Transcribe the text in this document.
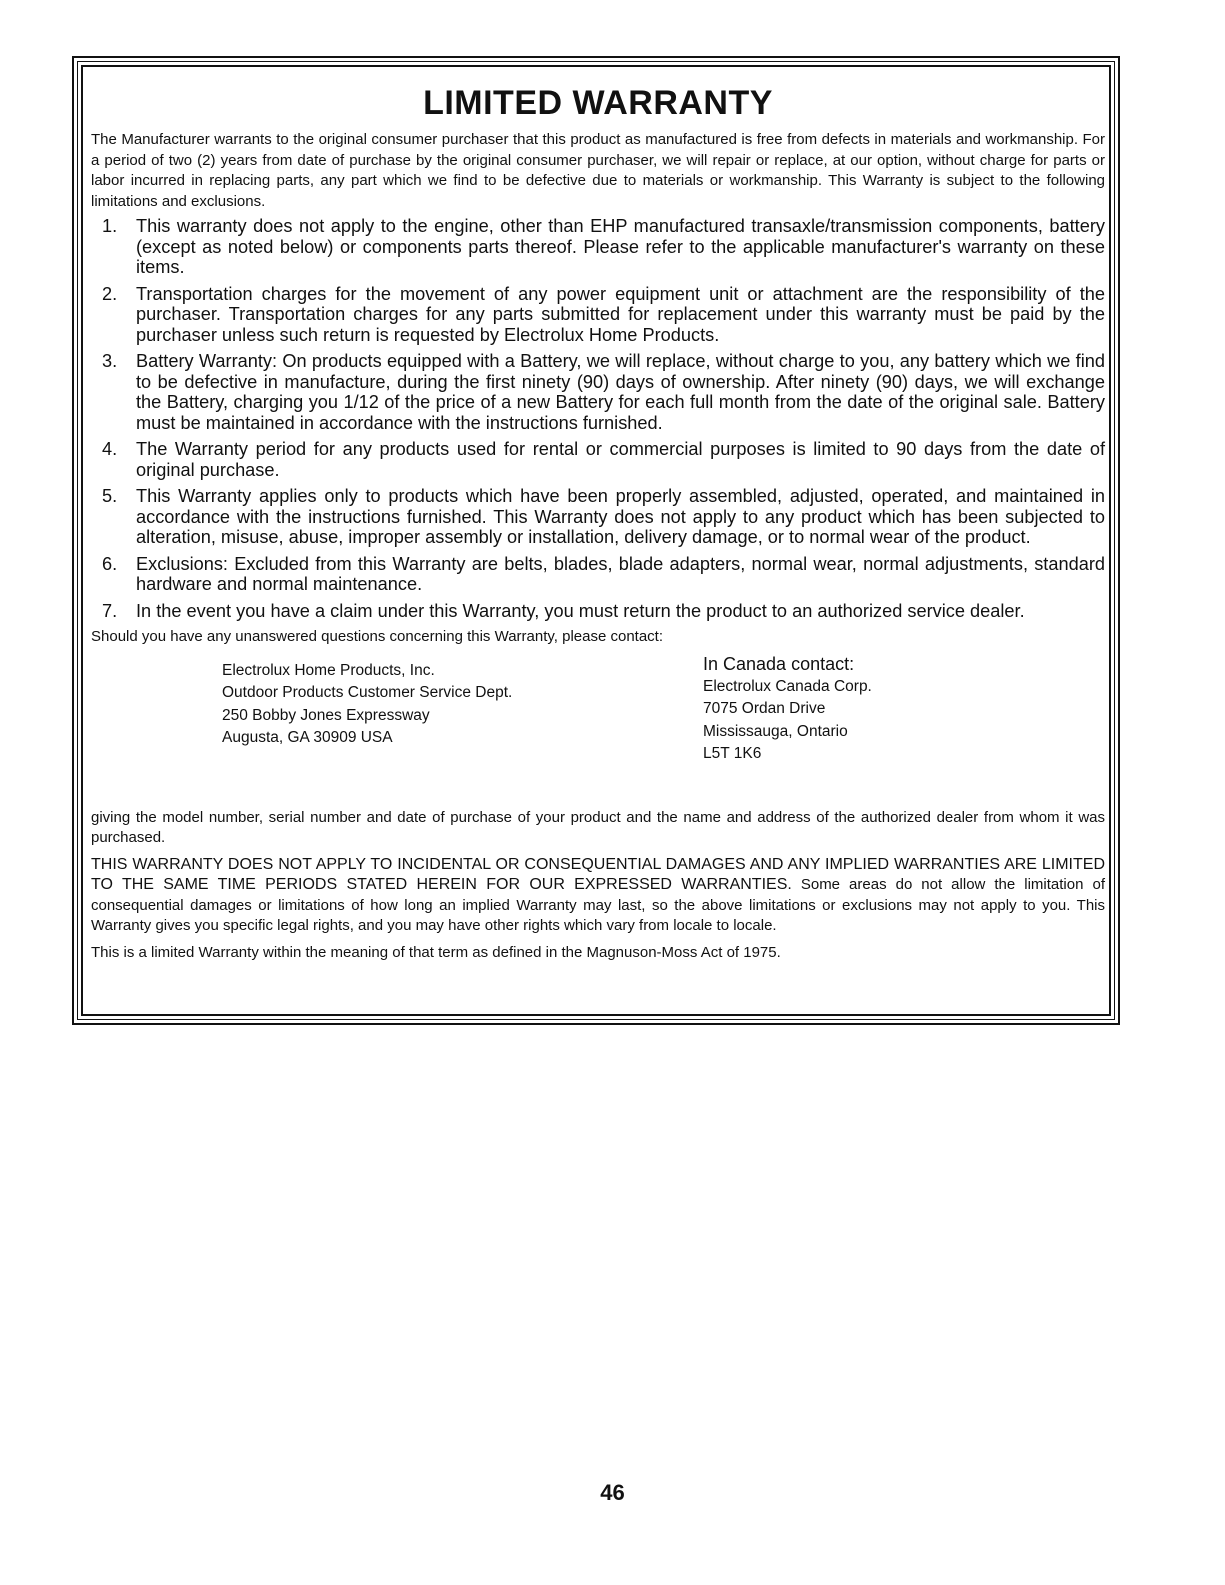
LIMITED WARRANTY

The Manufacturer warrants to the original consumer purchaser that this product as manufactured is free from defects in materials and workmanship. For a period of two (2) years from date of purchase by the original consumer purchaser, we will repair or replace, at our option, without charge for parts or labor incurred in replacing parts, any part which we find to be defective due to materials or workmanship. This Warranty is subject to the following limitations and exclusions.

1. This warranty does not apply to the engine, other than EHP manufactured transaxle/transmission components, battery (except as noted below) or components parts thereof. Please refer to the applicable manufacturer's warranty on these items.
2. Transportation charges for the movement of any power equipment unit or attachment are the responsibility of the purchaser. Transportation charges for any parts submitted for replacement under this warranty must be paid by the purchaser unless such return is requested by Electrolux Home Products.
3. Battery Warranty: On products equipped with a Battery, we will replace, without charge to you, any battery which we find to be defective in manufacture, during the first ninety (90) days of ownership. After ninety (90) days, we will exchange the Battery, charging you 1/12 of the price of a new Battery for each full month from the date of the original sale. Battery must be maintained in accordance with the instructions furnished.
4. The Warranty period for any products used for rental or commercial purposes is limited to 90 days from the date of original purchase.
5. This Warranty applies only to products which have been properly assembled, adjusted, operated, and maintained in accordance with the instructions furnished. This Warranty does not apply to any product which has been subjected to alteration, misuse, abuse, improper assembly or installation, delivery damage, or to normal wear of the product.
6. Exclusions: Excluded from this Warranty are belts, blades, blade adapters, normal wear, normal adjustments, standard hardware and normal maintenance.
7. In the event you have a claim under this Warranty, you must return the product to an authorized service dealer.

Should you have any unanswered questions concerning this Warranty, please contact:

Electrolux Home Products, Inc.
Outdoor Products Customer Service Dept.
250 Bobby Jones Expressway
Augusta, GA 30909 USA
In Canada contact:
Electrolux Canada Corp.
7075 Ordan Drive
Mississauga, Ontario
L5T 1K6

giving the model number, serial number and date of purchase of your product and the name and address of the authorized dealer from whom it was purchased.

THIS WARRANTY DOES NOT APPLY TO INCIDENTAL OR CONSEQUENTIAL DAMAGES AND ANY IMPLIED WARRANTIES ARE LIMITED TO THE SAME TIME PERIODS STATED HEREIN FOR OUR EXPRESSED WARRANTIES. Some areas do not allow the limitation of consequential damages or limitations of how long an implied Warranty may last, so the above limitations or exclusions may not apply to you. This Warranty gives you specific legal rights, and you may have other rights which vary from locale to locale.

This is a limited Warranty within the meaning of that term as defined in the Magnuson-Moss Act of 1975.

46
